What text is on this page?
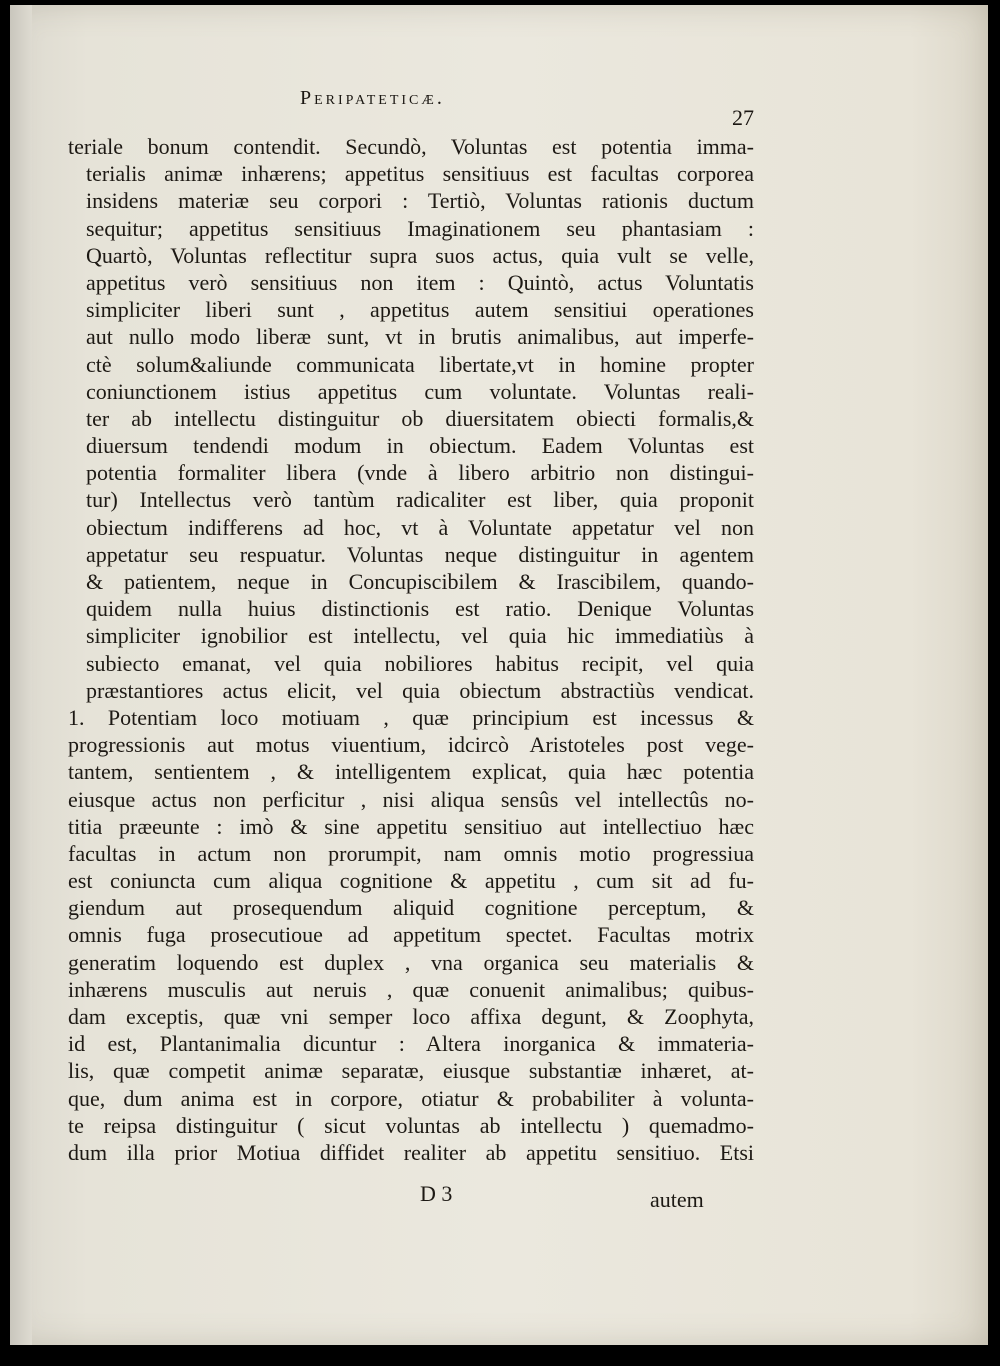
Peripateticæ.
27
teriale bonum contendit. Secundò, Voluntas est potentia imma-
terialis animæ inhærens; appetitus sensitiuus est facultas corporea
insidens materiæ seu corpori : Tertiò, Voluntas rationis ductum
sequitur; appetitus sensitiuus Imaginationem seu phantasiam :
Quartò, Voluntas reflectitur supra suos actus, quia vult se velle,
appetitus verò sensitiuus non item : Quintò, actus Voluntatis
simpliciter liberi sunt , appetitus autem sensitiui operationes
aut nullo modo liberæ sunt, vt in brutis animalibus, aut imperfe-
ctè solum&aliunde communicata libertate,vt in homine propter
coniunctionem istius appetitus cum voluntate. Voluntas reali-
ter ab intellectu distinguitur ob diuersitatem obiecti formalis,&
diuersum tendendi modum in obiectum. Eadem Voluntas est
potentia formaliter libera (vnde à libero arbitrio non distingui-
tur) Intellectus verò tantùm radicaliter est liber, quia proponit
obiectum indifferens ad hoc, vt à Voluntate appetatur vel non
appetatur seu respuatur. Voluntas neque distinguitur in agentem
& patientem, neque in Concupiscibilem & Irascibilem, quando-
quidem nulla huius distinctionis est ratio. Denique Voluntas
simpliciter ignobilior est intellectu, vel quia hic immediatiùs à
subiecto emanat, vel quia nobiliores habitus recipit, vel quia
præstantiores actus elicit, vel quia obiectum abstractiùs vendicat.
1. Potentiam loco motiuam , quæ principium est incessus &
progressionis aut motus viuentium, idcircò Aristoteles post vege-
tantem, sentientem , & intelligentem explicat, quia hæc potentia
eiusque actus non perficitur , nisi aliqua sensûs vel intellectûs no-
titia præeunte : imò & sine appetitu sensitiuo aut intellectiuo hæc
facultas in actum non prorumpit, nam omnis motio progressiua
est coniuncta cum aliqua cognitione & appetitu , cum sit ad fu-
giendum aut prosequendum aliquid cognitione perceptum, &
omnis fuga prosecutioue ad appetitum spectet. Facultas motrix
generatim loquendo est duplex , vna organica seu materialis &
inhærens musculis aut neruis , quæ conuenit animalibus; quibus-
dam exceptis, quæ vni semper loco affixa degunt, & Zoophyta,
id est, Plantanimalia dicuntur : Altera inorganica & immateria-
lis, quæ competit animæ separatæ, eiusque substantiæ inhæret, at-
que, dum anima est in corpore, otiatur & probabiliter à volunta-
te reipsa distinguitur ( sicut voluntas ab intellectu ) quemadmo-
dum illa prior Motiua diffidet realiter ab appetitu sensitiuo. Etsi
D 3	autem
